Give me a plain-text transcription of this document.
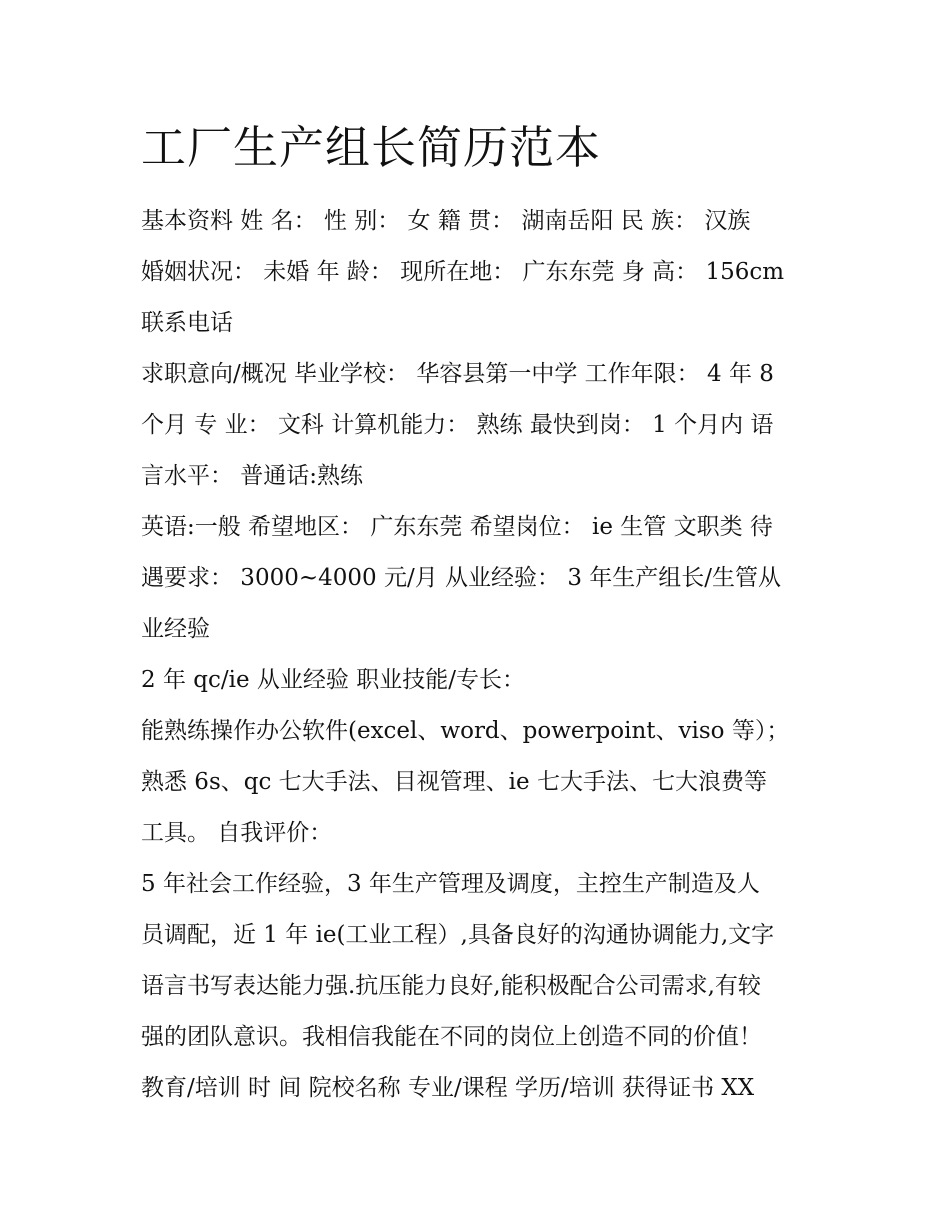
工厂生产组长简历范本
基本资料 姓 名： 性 别： 女 籍 贯： 湖南岳阳 民 族： 汉族
婚姻状况： 未婚 年 龄： 现所在地： 广东东莞 身 高： 156cm
联系电话
求职意向/概况 毕业学校： 华容县第一中学 工作年限： 4 年 8
个月 专 业： 文科 计算机能力： 熟练 最快到岗： 1 个月内 语
言水平： 普通话:熟练
英语:一般 希望地区： 广东东莞 希望岗位： ie 生管 文职类 待
遇要求： 3000~4000 元/月 从业经验： 3 年生产组长/生管从
业经验
2 年 qc/ie 从业经验 职业技能/专长：
能熟练操作办公软件(excel、word、powerpoint、viso 等）；
熟悉 6s、qc 七大手法、目视管理、ie 七大手法、七大浪费等
工具。 自我评价：
5 年社会工作经验，3 年生产管理及调度，主控生产制造及人
员调配，近 1 年 ie(工业工程）,具备良好的沟通协调能力,文字
语言书写表达能力强.抗压能力良好,能积极配合公司需求,有较
强的团队意识。我相信我能在不同的岗位上创造不同的价值！
教育/培训 时 间 院校名称 专业/课程 学历/培训 获得证书 XX
